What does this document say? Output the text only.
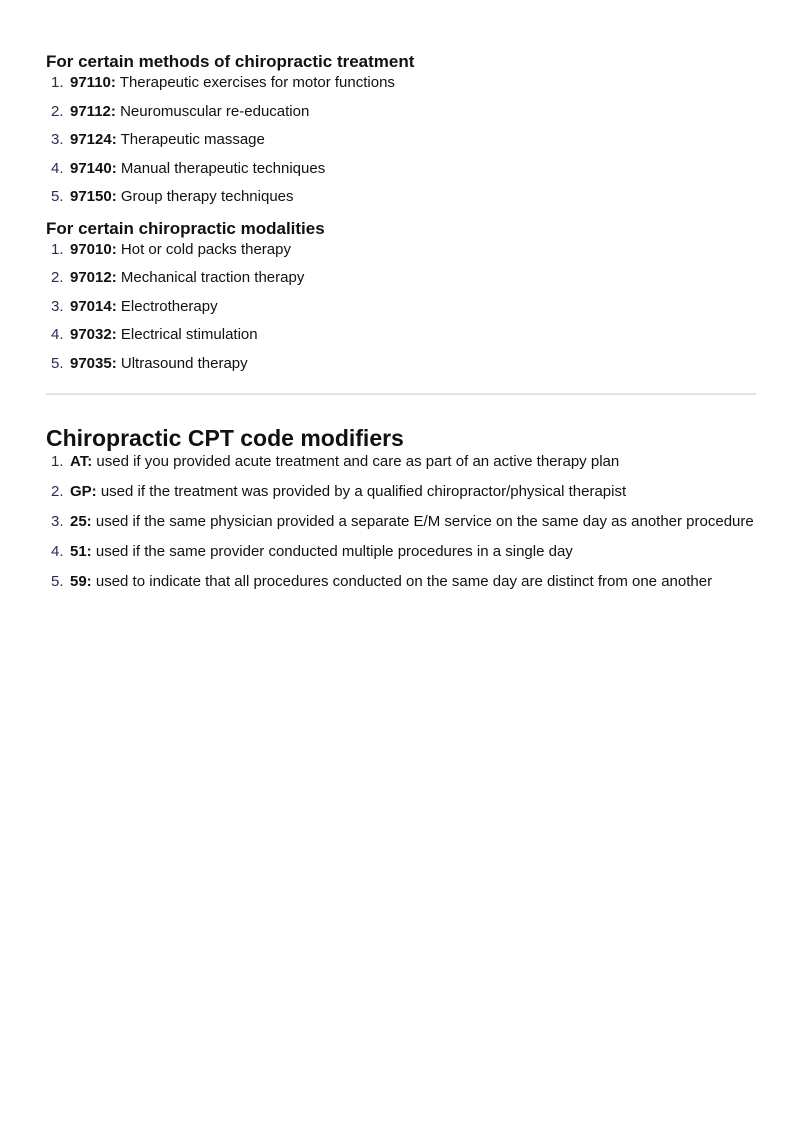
For certain methods of chiropractic treatment
1. 97110: Therapeutic exercises for motor functions
2. 97112: Neuromuscular re-education
3. 97124: Therapeutic massage
4. 97140: Manual therapeutic techniques
5. 97150: Group therapy techniques
For certain chiropractic modalities
1. 97010: Hot or cold packs therapy
2. 97012: Mechanical traction therapy
3. 97014: Electrotherapy
4. 97032: Electrical stimulation
5. 97035: Ultrasound therapy
Chiropractic CPT code modifiers
1. AT: used if you provided acute treatment and care as part of an active therapy plan
2. GP: used if the treatment was provided by a qualified chiropractor/physical therapist
3. 25: used if the same physician provided a separate E/M service on the same day as another procedure
4. 51: used if the same provider conducted multiple procedures in a single day
5. 59: used to indicate that all procedures conducted on the same day are distinct from one another
